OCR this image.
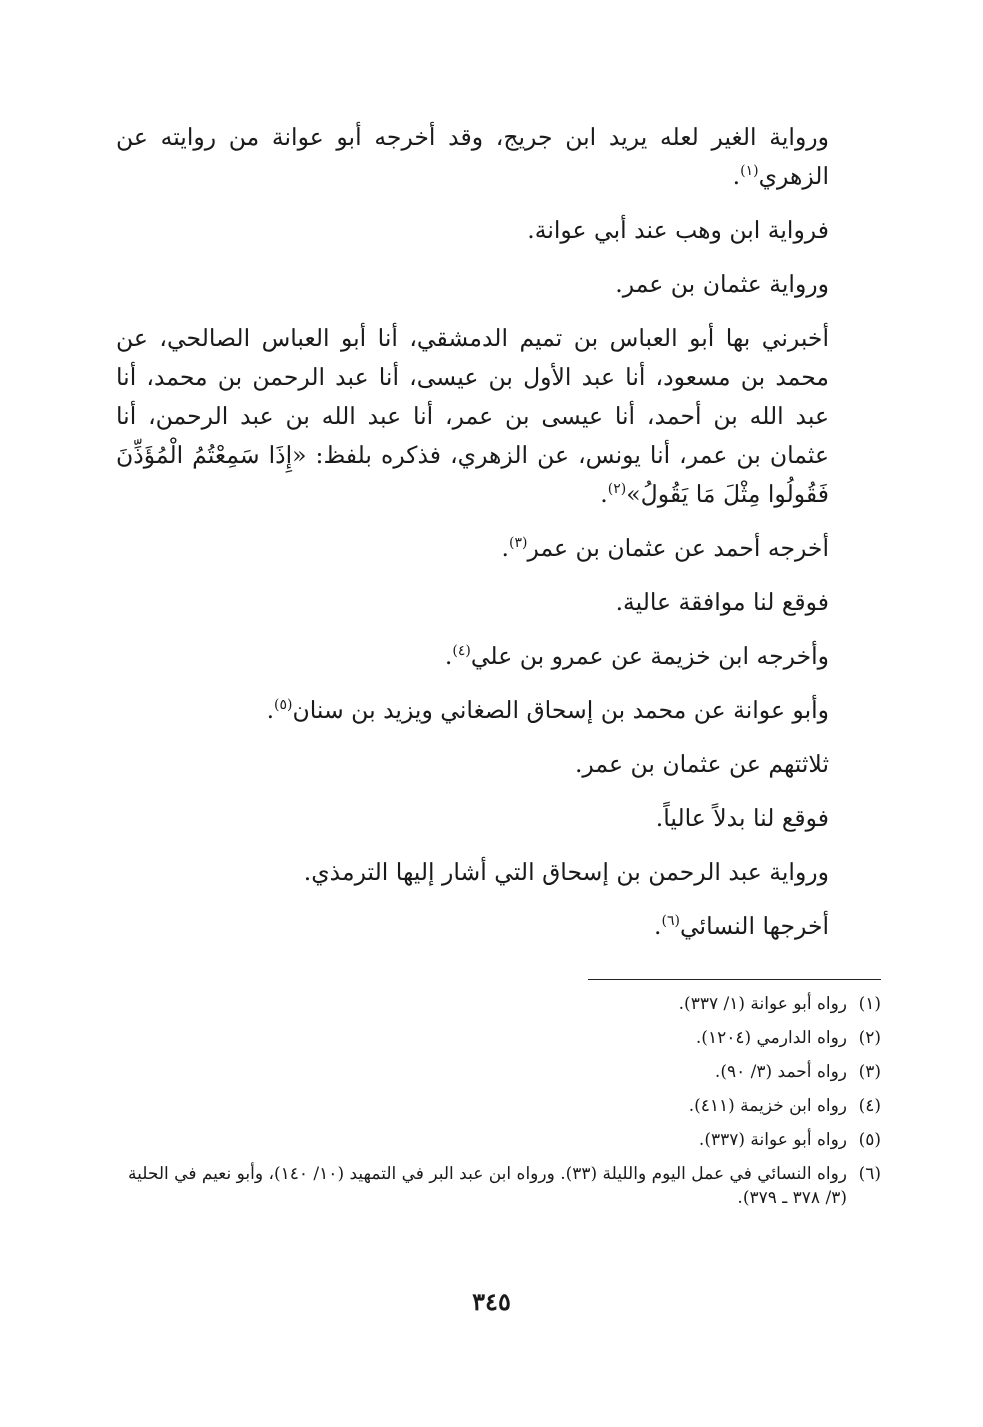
ورواية الغير لعله يريد ابن جريج، وقد أخرجه أبو عوانة من روايته عن الزهري$^{(١)}$.

فرواية ابن وهب عند أبي عوانة.

ورواية عثمان بن عمر.

أخبرني بها أبو العباس بن تميم الدمشقي، أنا أبو العباس الصالحي، عن محمد بن مسعود، أنا عبد الأول بن عيسى، أنا عبد الرحمن بن محمد، أنا عبد الله بن أحمد، أنا عيسى بن عمر، أنا عبد الله بن عبد الرحمن، أنا عثمان بن عمر، أنا يونس، عن الزهري، فذكره بلفظ: «إِذَا سَمِعْتُمُ الْمُؤَذِّنَ فَقُولُوا مِثْلَ مَا يَقُولُ»$^{(٢)}$.

أخرجه أحمد عن عثمان بن عمر$^{(٣)}$.

فوقع لنا موافقة عالية.

وأخرجه ابن خزيمة عن عمرو بن علي$^{(٤)}$.

وأبو عوانة عن محمد بن إسحاق الصغاني ويزيد بن سنان$^{(٥)}$.

ثلاثتهم عن عثمان بن عمر.

فوقع لنا بدلاً عالياً.

ورواية عبد الرحمن بن إسحاق التي أشار إليها الترمذي.

أخرجها النسائي$^{(٦)}$.

(١)
رواه أبو عوانة (١/ ٣٣٧).
(٢)
رواه الدارمي (١٢٠٤).
(٣)
رواه أحمد (٣/ ٩٠).
(٤)
رواه ابن خزيمة (٤١١).
(٥)
رواه أبو عوانة (٣٣٧).
(٦)
رواه النسائي في عمل اليوم والليلة (٣٣). ورواه ابن عبد البر في التمهيد (١٠/ ١٤٠)، وأبو نعيم في الحلية (٣/ ٣٧٨ ـ ٣٧٩).
٣٤٥
